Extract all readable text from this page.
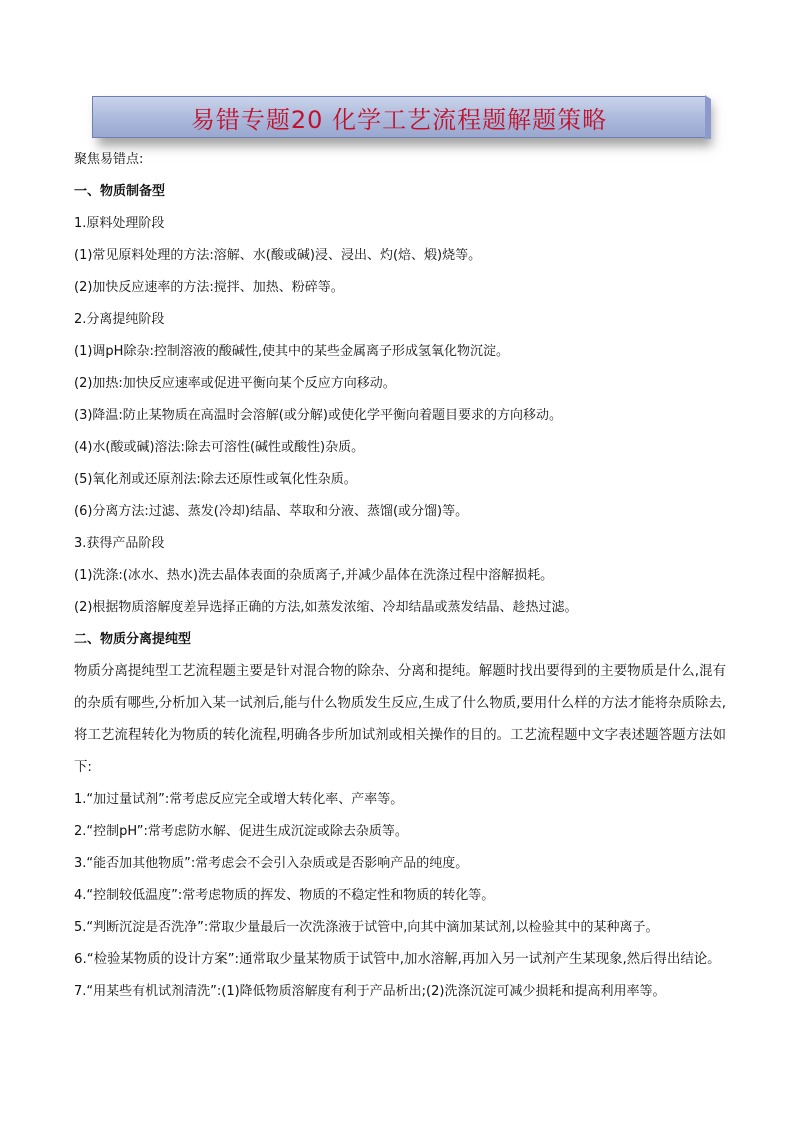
易错专题20 化学工艺流程题解题策略
聚焦易错点:
一、物质制备型
1.原料处理阶段
(1)常见原料处理的方法:溶解、水(酸或碱)浸、浸出、灼(焙、煅)烧等。
(2)加快反应速率的方法:搅拌、加热、粉碎等。
2.分离提纯阶段
(1)调pH除杂:控制溶液的酸碱性,使其中的某些金属离子形成氢氧化物沉淀。
(2)加热:加快反应速率或促进平衡向某个反应方向移动。
(3)降温:防止某物质在高温时会溶解(或分解)或使化学平衡向着题目要求的方向移动。
(4)水(酸或碱)溶法:除去可溶性(碱性或酸性)杂质。
(5)氧化剂或还原剂法:除去还原性或氧化性杂质。
(6)分离方法:过滤、蒸发(冷却)结晶、萃取和分液、蒸馏(或分馏)等。
3.获得产品阶段
(1)洗涤:(冰水、热水)洗去晶体表面的杂质离子,并减少晶体在洗涤过程中溶解损耗。
(2)根据物质溶解度差异选择正确的方法,如蒸发浓缩、冷却结晶或蒸发结晶、趁热过滤。
二、物质分离提纯型
物质分离提纯型工艺流程题主要是针对混合物的除杂、分离和提纯。解题时找出要得到的主要物质是什么,混有的杂质有哪些,分析加入某一试剂后,能与什么物质发生反应,生成了什么物质,要用什么样的方法才能将杂质除去,将工艺流程转化为物质的转化流程,明确各步所加试剂或相关操作的目的。工艺流程题中文字表述题答题方法如下:
1.“加过量试剂”:常考虑反应完全或增大转化率、产率等。
2.“控制pH”:常考虑防水解、促进生成沉淀或除去杂质等。
3.“能否加其他物质”:常考虑会不会引入杂质或是否影响产品的纯度。
4.“控制较低温度”:常考虑物质的挥发、物质的不稳定性和物质的转化等。
5.“判断沉淀是否洗净”:常取少量最后一次洗涤液于试管中,向其中滴加某试剂,以检验其中的某种离子。
6.“检验某物质的设计方案”:通常取少量某物质于试管中,加水溶解,再加入另一试剂产生某现象,然后得出结论。
7.“用某些有机试剂清洗”:(1)降低物质溶解度有利于产品析出;(2)洗涤沉淀可减少损耗和提高利用率等。
